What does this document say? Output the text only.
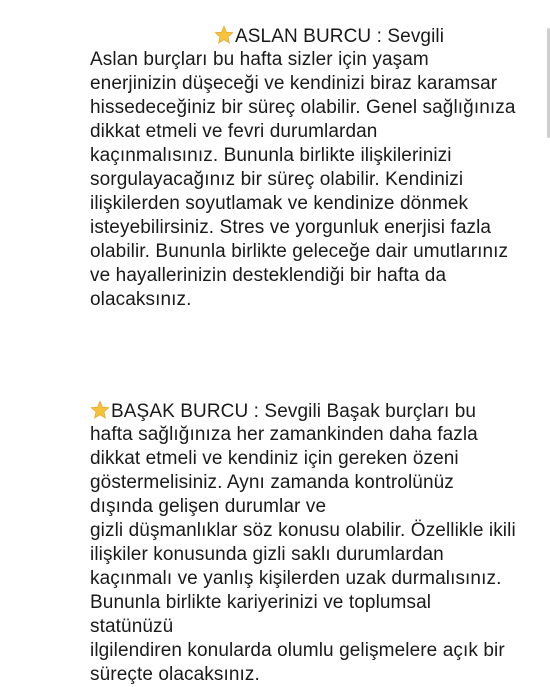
ASLAN BURCU : Sevgili
Aslan burçları bu hafta sizler için yaşam
enerjinizin düşeceği ve kendinizi biraz karamsar
hissedeceğiniz bir süreç olabilir. Genel sağlığınıza
dikkat etmeli ve fevri durumlardan
kaçınmalısınız. Bununla birlikte ilişkilerinizi
sorgulayacağınız bir süreç olabilir. Kendinizi
ilişkilerden soyutlamak ve kendinize dönmek
isteyebilirsiniz. Stres ve yorgunluk enerjisi fazla
olabilir. Bununla birlikte geleceğe dair umutlarınız
ve hayallerinizin desteklendiği bir hafta da
olacaksınız.
BAŞAK BURCU : Sevgili Başak burçları bu
hafta sağlığınıza her zamankinden daha fazla
dikkat etmeli ve kendiniz için gereken özeni
göstermelisiniz. Aynı zamanda kontrolünüz
dışında gelişen durumlar ve
gizli düşmanlıklar söz konusu olabilir. Özellikle ikili
ilişkiler konusunda gizli saklı durumlardan
kaçınmalı ve yanlış kişilerden uzak durmalısınız.
Bununla birlikte kariyerinizi ve toplumsal
statünüzü
ilgilendiren konularda olumlu gelişmelere açık bir
süreçte olacaksınız.
